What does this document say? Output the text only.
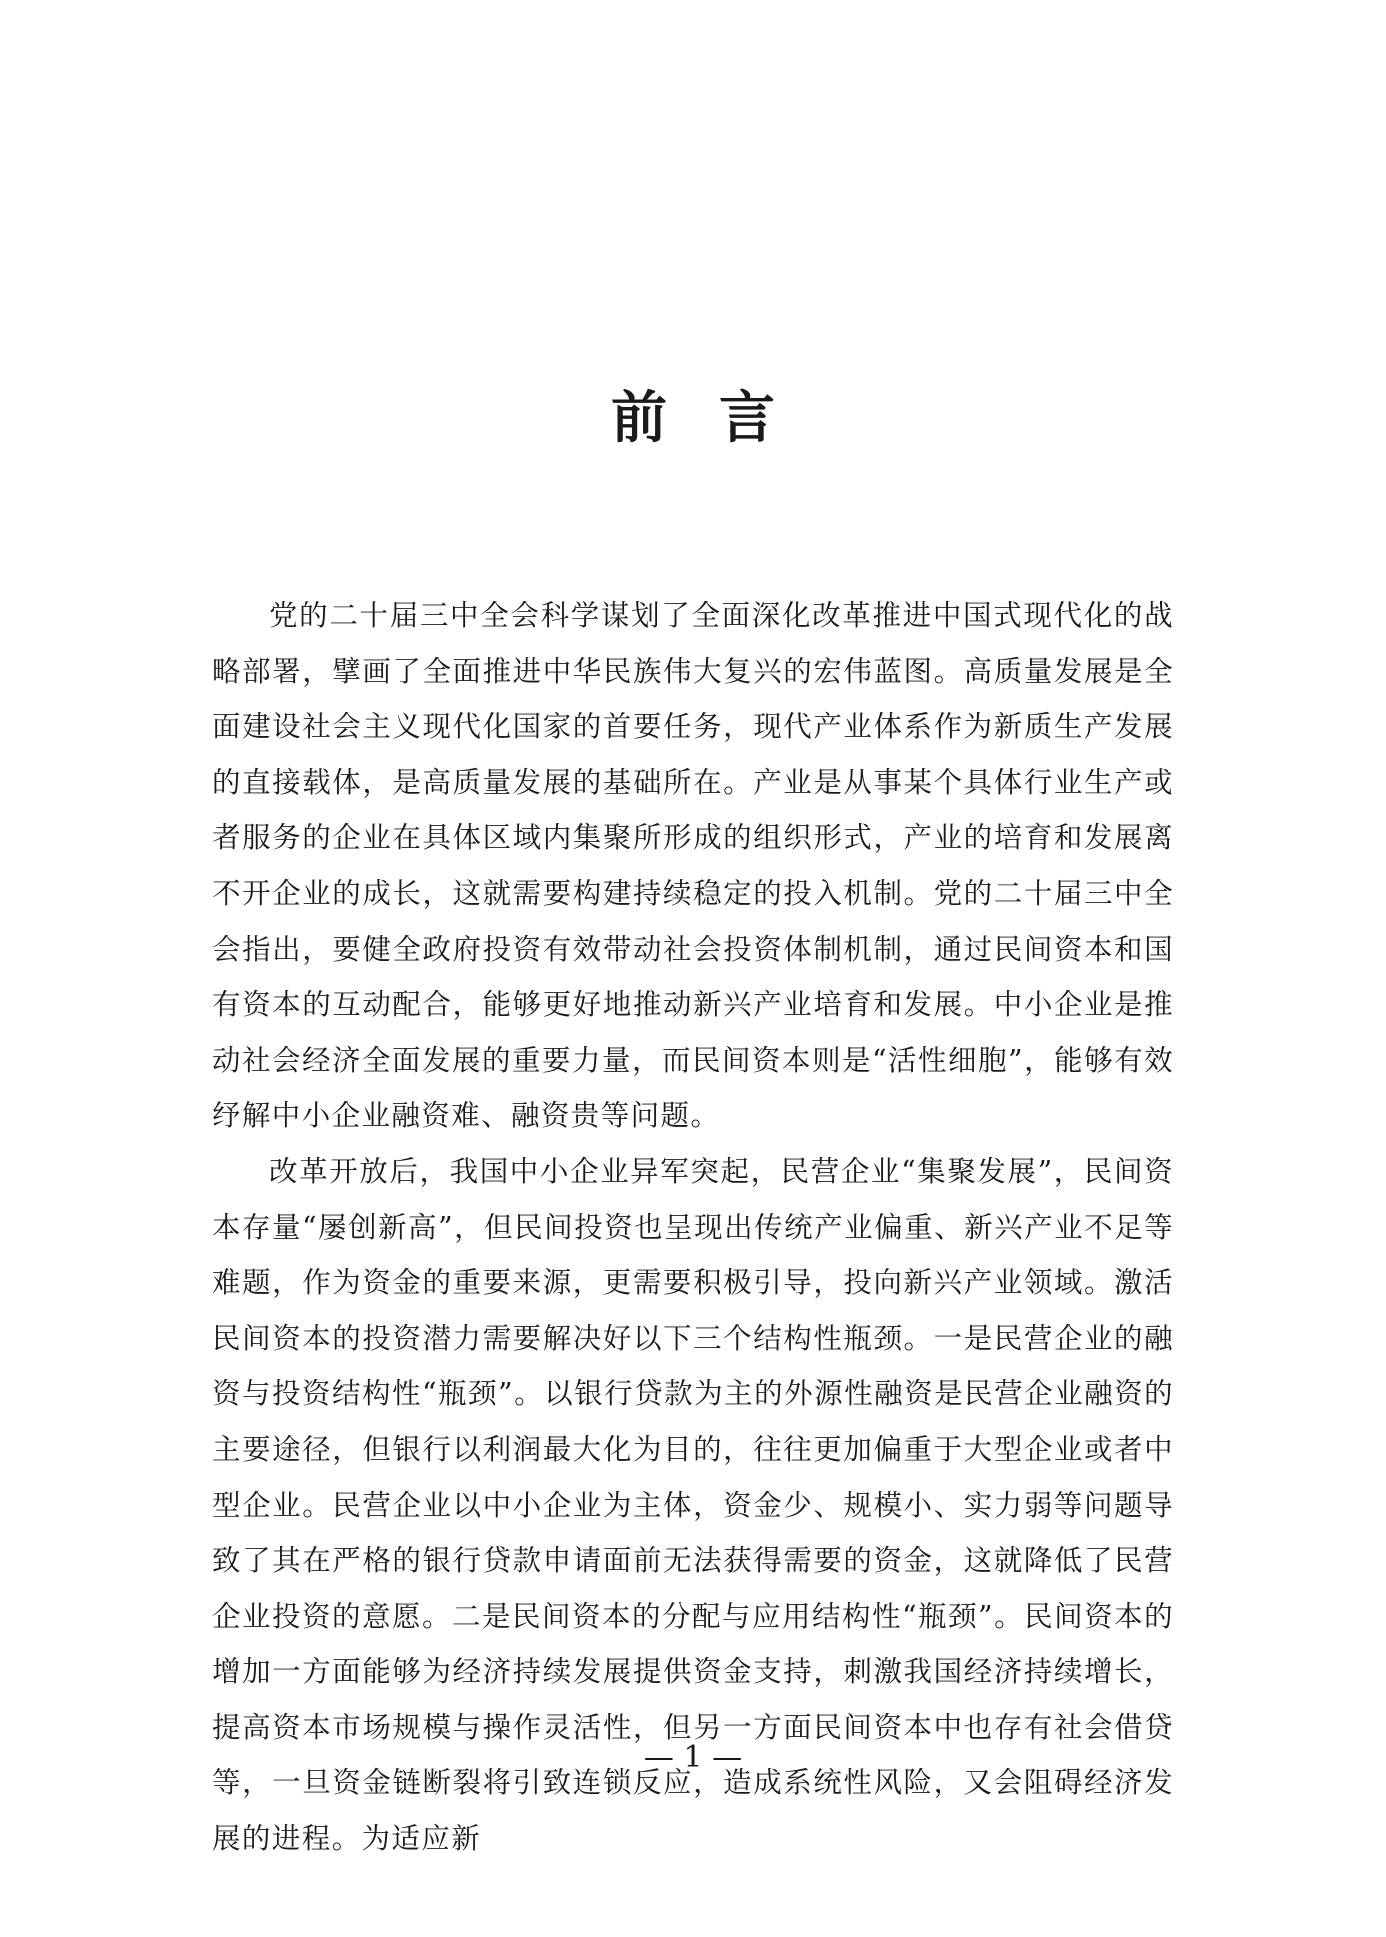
前言

党的二十届三中全会科学谋划了全面深化改革推进中国式现代化的战略部署，擘画了全面推进中华民族伟大复兴的宏伟蓝图。高质量发展是全面建设社会主义现代化国家的首要任务，现代产业体系作为新质生产发展的直接载体，是高质量发展的基础所在。产业是从事某个具体行业生产或者服务的企业在具体区域内集聚所形成的组织形式，产业的培育和发展离不开企业的成长，这就需要构建持续稳定的投入机制。党的二十届三中全会指出，要健全政府投资有效带动社会投资体制机制，通过民间资本和国有资本的互动配合，能够更好地推动新兴产业培育和发展。中小企业是推动社会经济全面发展的重要力量，而民间资本则是“活性细胞”，能够有效纾解中小企业融资难、融资贵等问题。

改革开放后，我国中小企业异军突起，民营企业“集聚发展”，民间资本存量“屡创新高”，但民间投资也呈现出传统产业偏重、新兴产业不足等难题，作为资金的重要来源，更需要积极引导，投向新兴产业领域。激活民间资本的投资潜力需要解决好以下三个结构性瓶颈。一是民营企业的融资与投资结构性“瓶颈”。以银行贷款为主的外源性融资是民营企业融资的主要途径，但银行以利润最大化为目的，往往更加偏重于大型企业或者中型企业。民营企业以中小企业为主体，资金少、规模小、实力弱等问题导致了其在严格的银行贷款申请面前无法获得需要的资金，这就降低了民营企业投资的意愿。二是民间资本的分配与应用结构性“瓶颈”。民间资本的增加一方面能够为经济持续发展提供资金支持，刺激我国经济持续增长，提高资本市场规模与操作灵活性，但另一方面民间资本中也存有社会借贷等，一旦资金链断裂将引致连锁反应，造成系统性风险，又会阻碍经济发展的进程。为适应新

— 1 —
